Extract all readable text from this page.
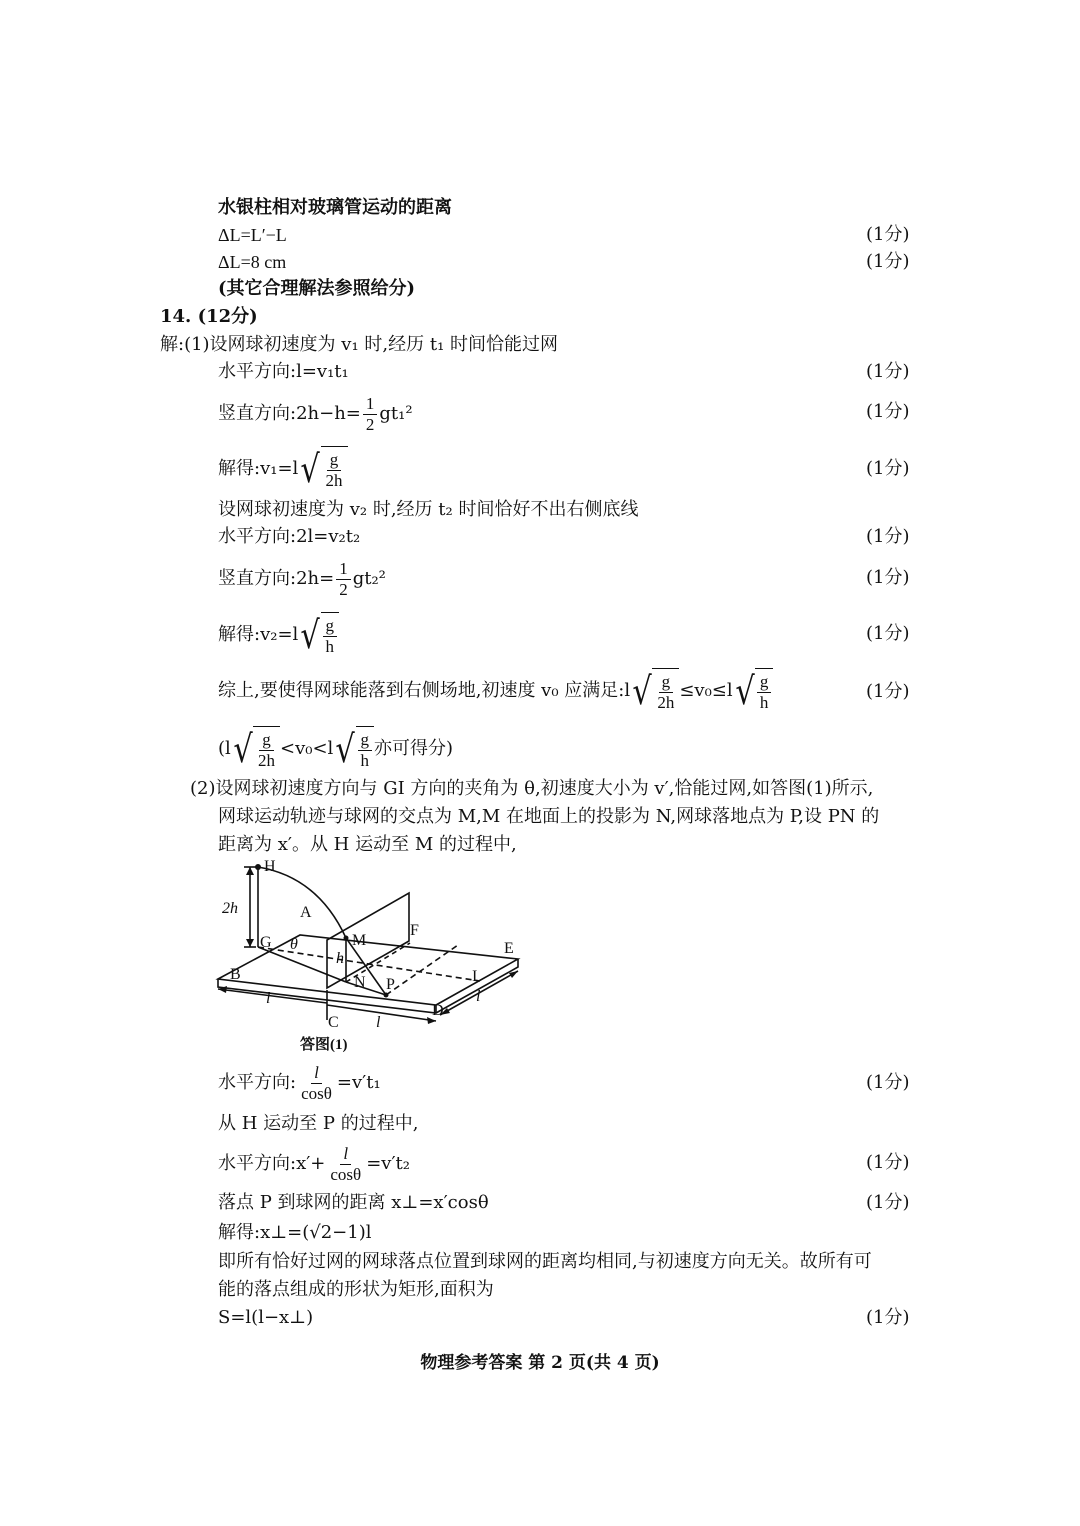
水银柱相对玻璃管运动的距离
ΔL=L′−L	(1分)
ΔL=8 cm	(1分)
(其它合理解法参照给分)
14. (12分)
解:(1)设网球初速度为 v₁ 时,经历 t₁ 时间恰能过网
水平方向:l=v₁t₁	(1分)
竖直方向:2h−h= $\frac{1}{2} gt_1^2$	(1分)
解得:v₁=l √ $\frac{g}{2h}$	(1分)
设网球初速度为 v₂ 时,经历 t₂ 时间恰好不出右侧底线
水平方向:2l=v₂t₂	(1分)
竖直方向:2h= $\frac{1}{2} gt_2^2$	(1分)
解得:v₂=l √ $\frac{g}{h}$	(1分)
综上,要使得网球能落到右侧场地,初速度 v₀ 应满足:l √ $\frac{g}{2h} \le v_0\le l$ √ $\frac{g}{h}$	(1分)
(l √ $\frac{g}{2h} <v_0<l$ √ $\frac{g}{h}$ 亦可得分)
(2)设网球初速度方向与 GI 方向的夹角为 θ,初速度大小为 v′,恰能过网,如答图(1)所示,
网球运动轨迹与球网的交点为 M,M 在地面上的投影为 N,网球落地点为 P,设 PN 的
距离为 x′。从 H 运动至 M 的过程中,
H
2h	A
M
F
E
G θ
h
B	N P	I
D
C
l
l
l
答图(1)
水平方向: $\frac{l}{\cos\theta} =v't_1$	(1分)
从 H 运动至 P 的过程中,
水平方向:x′+ $\frac{l}{\cos\theta} =v't_2$	(1分)
落点 P 到球网的距离 x⊥=x′cosθ	(1分)
解得:x⊥=(√2−1)l
即所有恰好过网的网球落点位置到球网的距离均相同,与初速度方向无关。故所有可
能的落点组成的形状为矩形,面积为
S=l(l−x⊥)	(1分)
物理参考答案 第 2 页(共 4 页)
